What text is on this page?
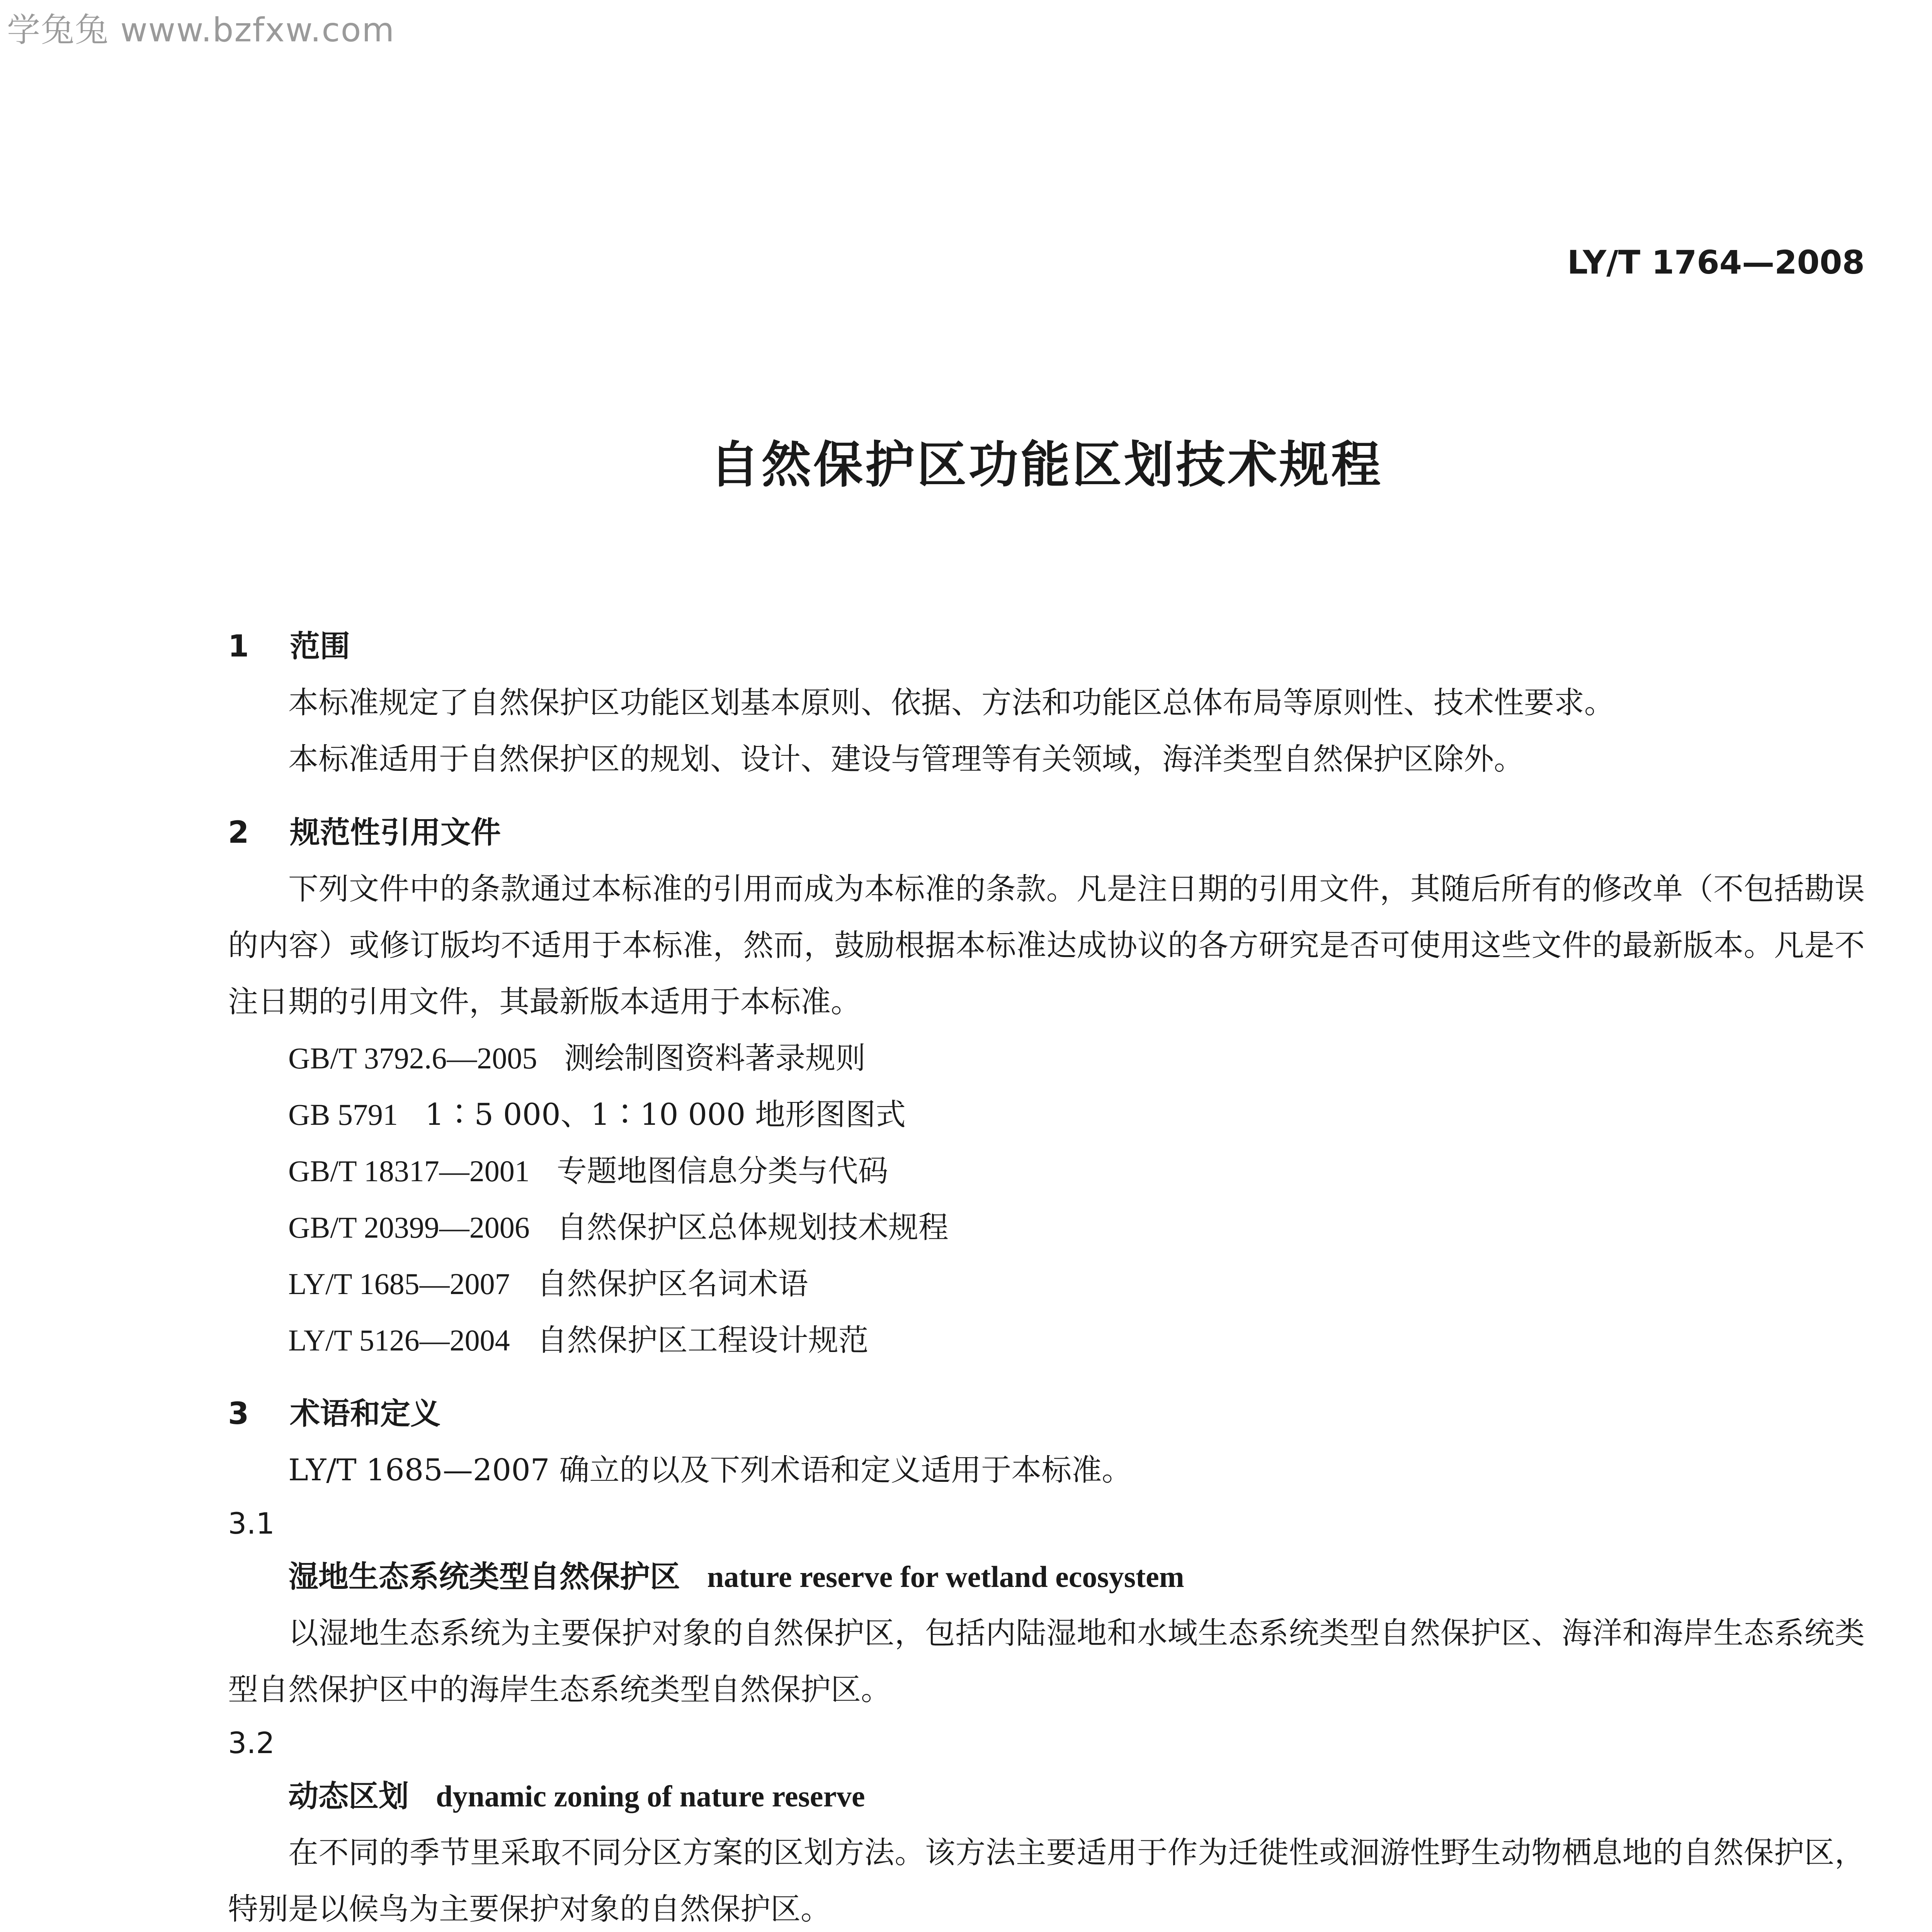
学兔兔 www.bzfxw.com
LY/T 1764—2008
自然保护区功能区划技术规程
1 范围

本标准规定了自然保护区功能区划基本原则、依据、方法和功能区总体布局等原则性、技术性要求。

本标准适用于自然保护区的规划、设计、建设与管理等有关领域，海洋类型自然保护区除外。

2 规范性引用文件

下列文件中的条款通过本标准的引用而成为本标准的条款。凡是注日期的引用文件，其随后所有的修改单（不包括勘误的内容）或修订版均不适用于本标准，然而，鼓励根据本标准达成协议的各方研究是否可使用这些文件的最新版本。凡是不注日期的引用文件，其最新版本适用于本标准。

GB/T 3792.6—2005 测绘制图资料著录规则
GB 5791 1∶5 000、1∶10 000 地形图图式
GB/T 18317—2001 专题地图信息分类与代码
GB/T 20399—2006 自然保护区总体规划技术规程
LY/T 1685—2007 自然保护区名词术语
LY/T 5126—2004 自然保护区工程设计规范
3 术语和定义

LY/T 1685—2007 确立的以及下列术语和定义适用于本标准。

3.1
湿地生态系统类型自然保护区 nature reserve for wetland ecosystem

以湿地生态系统为主要保护对象的自然保护区，包括内陆湿地和水域生态系统类型自然保护区、海洋和海岸生态系统类型自然保护区中的海岸生态系统类型自然保护区。

3.2
动态区划 dynamic zoning of nature reserve

在不同的季节里采取不同分区方案的区划方法。该方法主要适用于作为迁徙性或洄游性野生动物栖息地的自然保护区，特别是以候鸟为主要保护对象的自然保护区。
